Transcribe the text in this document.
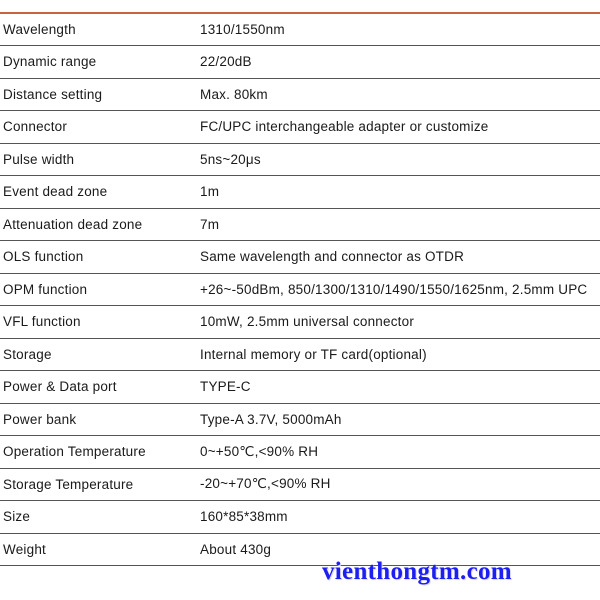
Wavelength	1310/1550nm
Dynamic range	22/20dB
Distance setting	Max. 80km
Connector	FC/UPC interchangeable adapter or customize
Pulse width	5ns~20μs
Event dead zone	1m
Attenuation dead zone	7m
OLS function	Same wavelength and connector as OTDR
OPM function	+26~-50dBm, 850/1300/1310/1490/1550/1625nm, 2.5mm UPC
VFL function	10mW, 2.5mm universal connector
Storage	Internal memory or TF card(optional)
Power & Data port	TYPE-C
Power bank	Type-A 3.7V, 5000mAh
Operation Temperature	0~+50℃,<90% RH
Storage Temperature	-20~+70℃,<90% RH
Size	160*85*38mm
Weight	About 430g
vienthongtm.com
